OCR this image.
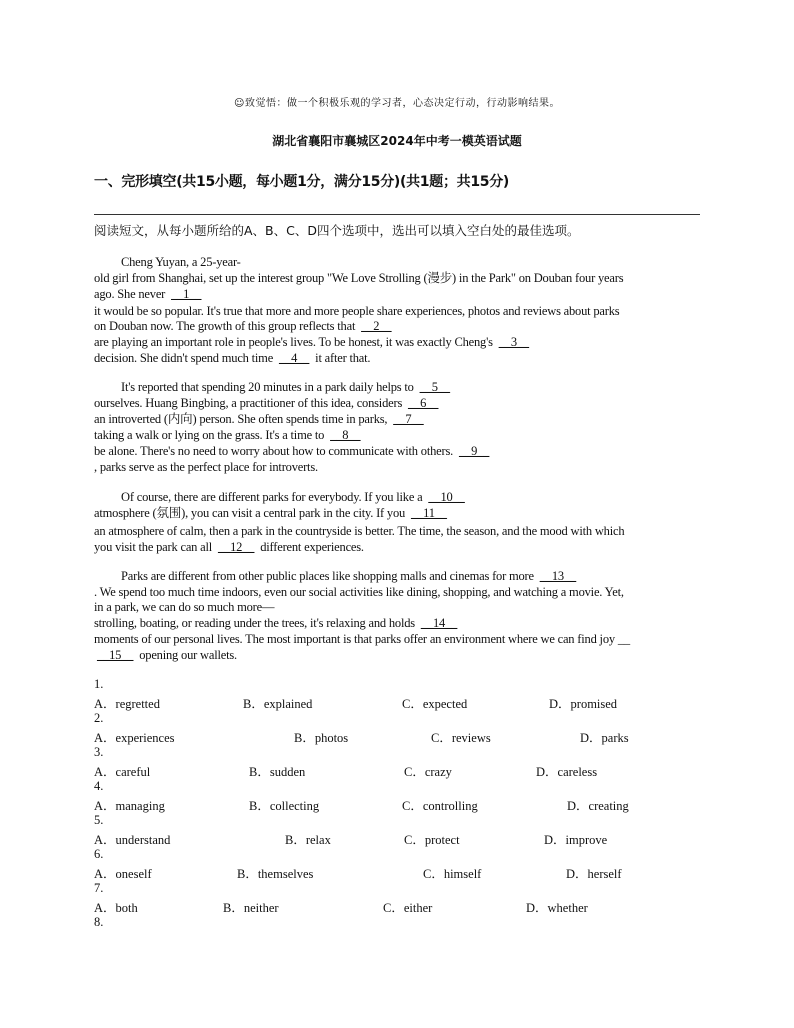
☺致觉悟：做一个积极乐观的学习者，心态决定行动，行动影响结果。
湖北省襄阳市襄城区2024年中考一模英语试题
一、完形填空(共15小题，每小题1分，满分15分)(共1题；共15分)
阅读短文，从每小题所给的A、B、C、D四个选项中，选出可以填入空白处的最佳选项。
Cheng Yuyan, a 25-year-
old girl from Shanghai, set up the interest group "We Love Strolling (漫步) in the Park" on Douban four years
ago. She never __1__
it would be so popular. It's true that more and more people share experiences, photos and reviews about parks
on Douban now. The growth of this group reflects that __2__
are playing an important role in people's lives. To be honest, it was exactly Cheng's __3__
decision. She didn't spend much time __4__ it after that.
It's reported that spending 20 minutes in a park daily helps to __5__
ourselves. Huang Bingbing, a practitioner of this idea, considers __6__
an introverted (内向) person. She often spends time in parks, __7__
taking a walk or lying on the grass. It's a time to __8__
be alone. There's no need to worry about how to communicate with others. __9__
, parks serve as the perfect place for introverts.
Of course, there are different parks for everybody. If you like a __10__
atmosphere (氛围), you can visit a central park in the city. If you __11__
an atmosphere of calm, then a park in the countryside is better. The time, the season, and the mood with which
you visit the park can all __12__ different experiences.
Parks are different from other public places like shopping malls and cinemas for more __13__
. We spend too much time indoors, even our social activities like dining, shopping, and watching a movie. Yet,
in a park, we can do so much more—
strolling, boating, or reading under the trees, it's relaxing and holds __14__
moments of our personal lives. The most important is that parks offer an environment where we can find joy __
__15__ opening our wallets.
1.
A．regretted	B．explained	C．expected	D．promised
2.
A．experiences	B．photos	C．reviews	D．parks
3.
A．careful	B．sudden	C．crazy	D．careless
4.
A．managing	B．collecting	C．controlling	D．creating
5.
A．understand	B．relax	C．protect	D．improve
6.
A．oneself	B．themselves	C．himself	D．herself
7.
A．both	B．neither	C．either	D．whether
8.
